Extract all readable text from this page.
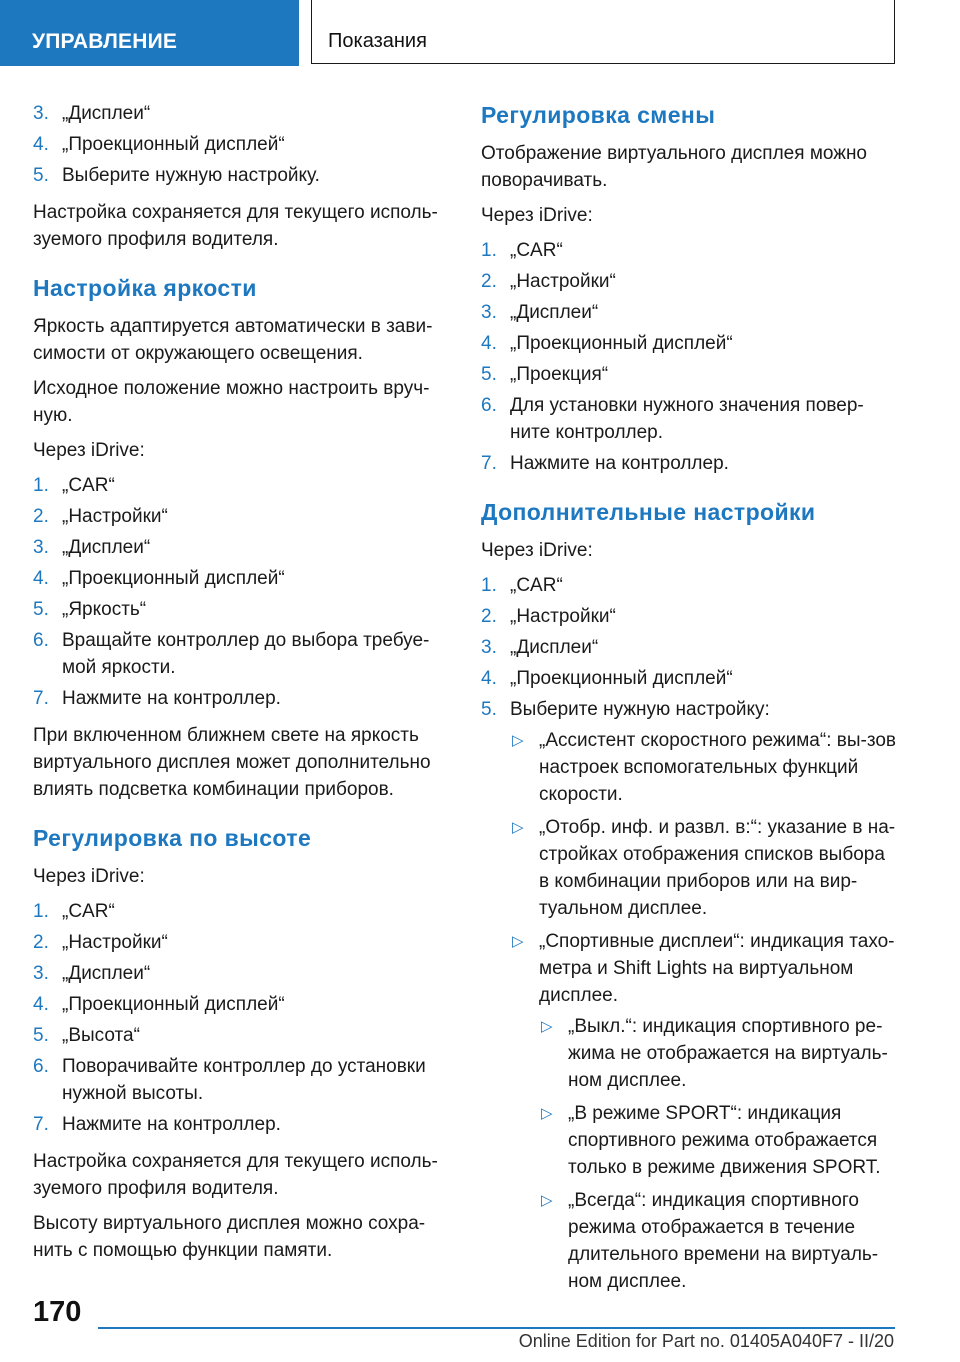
УПРАВЛЕНИЕ	Показания
3. „Дисплеи“
4. „Проекционный дисплей“
5. Выберите нужную настройку.

Настройка сохраняется для текущего исполь‐зуемого профиля водителя.

Настройка яркости

Яркость адаптируется автоматически в зави‐симости от окружающего освещения.

Исходное положение можно настроить вруч‐ную.

Через iDrive:

1. „CAR“
2. „Настройки“
3. „Дисплеи“
4. „Проекционный дисплей“
5. „Яркость“
6. Вращайте контроллер до выбора требуе‐мой яркости.
7. Нажмите на контроллер.

При включенном ближнем свете на яркость виртуального дисплея может дополнительно влиять подсветка комбинации приборов.

Регулировка по высоте

Через iDrive:

1. „CAR“
2. „Настройки“
3. „Дисплеи“
4. „Проекционный дисплей“
5. „Высота“
6. Поворачивайте контроллер до установки нужной высоты.
7. Нажмите на контроллер.

Настройка сохраняется для текущего исполь‐зуемого профиля водителя.

Высоту виртуального дисплея можно сохра‐нить с помощью функции памяти.

Регулировка смены

Отображение виртуального дисплея можно поворачивать.

Через iDrive:

1. „CAR“
2. „Настройки“
3. „Дисплеи“
4. „Проекционный дисплей“
5. „Проекция“
6. Для установки нужного значения повер‐ните контроллер.
7. Нажмите на контроллер.
Дополнительные настройки

Через iDrive:

1. „CAR“
2. „Настройки“
3. „Дисплеи“
4. „Проекционный дисплей“
5. Выберите нужную настройку:
▷ „Ассистент скоростного режима“: вы‐зов настроек вспомогательных функций скорости.
▷ „Отобр. инф. и развл. в:“: указание в на‐стройках отображения списков выбора в комбинации приборов или на вир‐туальном дисплее.
▷ „Спортивные дисплеи“: индикация тахо‐метра и Shift Lights на виртуальном дисплее.
▷ „Выкл.“: индикация спортивного ре‐жима не отображается на виртуаль‐ном дисплее.
▷ „В режиме SPORT“: индикация спортивного режима отображается только в режиме движения SPORT.
▷ „Всегда“: индикация спортивного режима отображается в течение длительного времени на виртуаль‐ном дисплее.
170
Online Edition for Part no. 01405A040F7 - II/20
